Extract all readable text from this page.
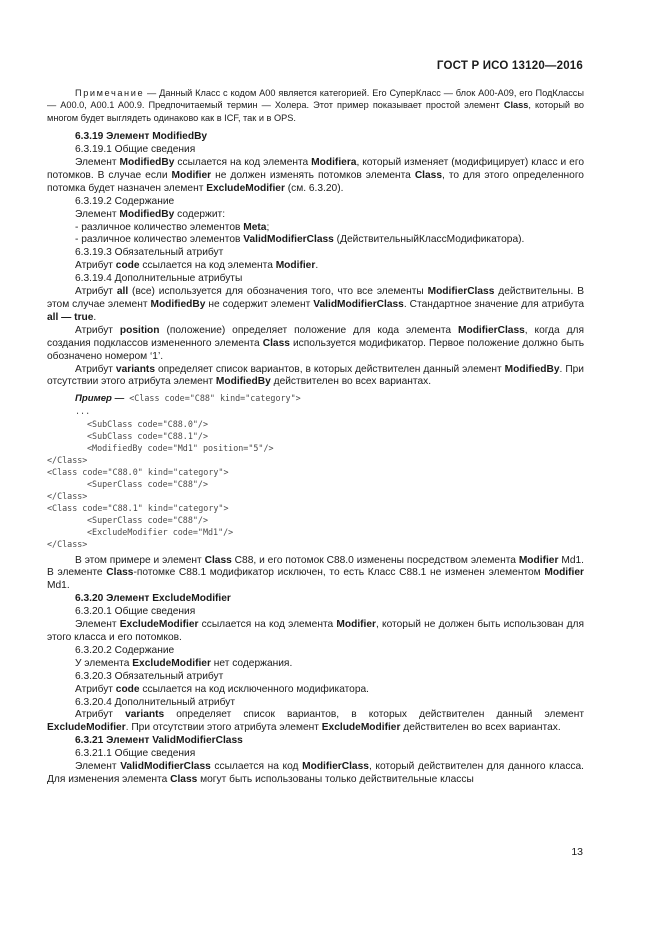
ГОСТ Р ИСО 13120—2016

Примечание — Данный Класс с кодом A00 является категорией. Его СуперКласс — блок A00-A09, его ПодКлассы — A00.0, A00.1 A00.9. Предпочитаемый термин — Холера. Этот пример показывает простой элемент Class, который во многом будет выглядеть одинаково как в ICF, так и в OPS.

6.3.19 Элемент ModifiedBy

6.3.19.1 Общие сведения

Элемент ModifiedBy ссылается на код элемента Modifiera, который изменяет (модифицирует) класс и его потомков. В случае если Modifier не должен изменять потомков элемента Class, то для этого определенного потомка будет назначен элемент ExcludeModifier (см. 6.3.20).

6.3.19.2 Содержание

Элемент ModifiedBy содержит:

- различное количество элементов Meta;

- различное количество элементов ValidModifierClass (ДействительныйКлассМодификатора).

6.3.19.3 Обязательный атрибут

Атрибут code ссылается на код элемента Modifier.

6.3.19.4 Дополнительные атрибуты

Атрибут all (все) используется для обозначения того, что все элементы ModifierClass действительны. В этом случае элемент ModifiedBy не содержит элемент ValidModifierClass. Стандартное значение для атрибута all — true.

Атрибут position (положение) определяет положение для кода элемента ModifierClass, когда для создания подклассов измененного элемента Class используется модификатор. Первое положение должно быть обозначено номером ‘1’.

Атрибут variants определяет список вариантов, в которых действителен данный элемент ModifiedBy. При отсутствии этого атрибута элемент ModifiedBy действителен во всех вариантах.

Пример — <Class code="C88" kind="category">
...
<SubClass code="C88.0"/>
<SubClass code="C88.1"/>
<ModifiedBy code="Md1" position="5"/>
</Class>
<Class code="C88.0" kind="category">
<SuperClass code="C88"/>
</Class>
<Class code="C88.1" kind="category">
<SuperClass code="C88"/>
<ExcludeModifier code="Md1"/>
</Class>

В этом примере и элемент Class C88, и его потомок C88.0 изменены посредством элемента Modifier Md1. В элементе Class-потомке C88.1 модификатор исключен, то есть Класс C88.1 не изменен элементом Modifier Md1.

6.3.20 Элемент ExcludeModifier

6.3.20.1 Общие сведения

Элемент ExcludeModifier ссылается на код элемента Modifier, который не должен быть использован для этого класса и его потомков.

6.3.20.2 Содержание

У элемента ExcludeModifier нет содержания.

6.3.20.3 Обязательный атрибут

Атрибут code ссылается на код исключенного модификатора.

6.3.20.4 Дополнительный атрибут

Атрибут variants определяет список вариантов, в которых действителен данный элемент ExcludeModifier. При отсутствии этого атрибута элемент ExcludeModifier действителен во всех вариантах.

6.3.21 Элемент ValidModifierClass

6.3.21.1 Общие сведения

Элемент ValidModifierClass ссылается на код ModifierClass, который действителен для данного класса. Для изменения элемента Class могут быть использованы только действительные классы

13
